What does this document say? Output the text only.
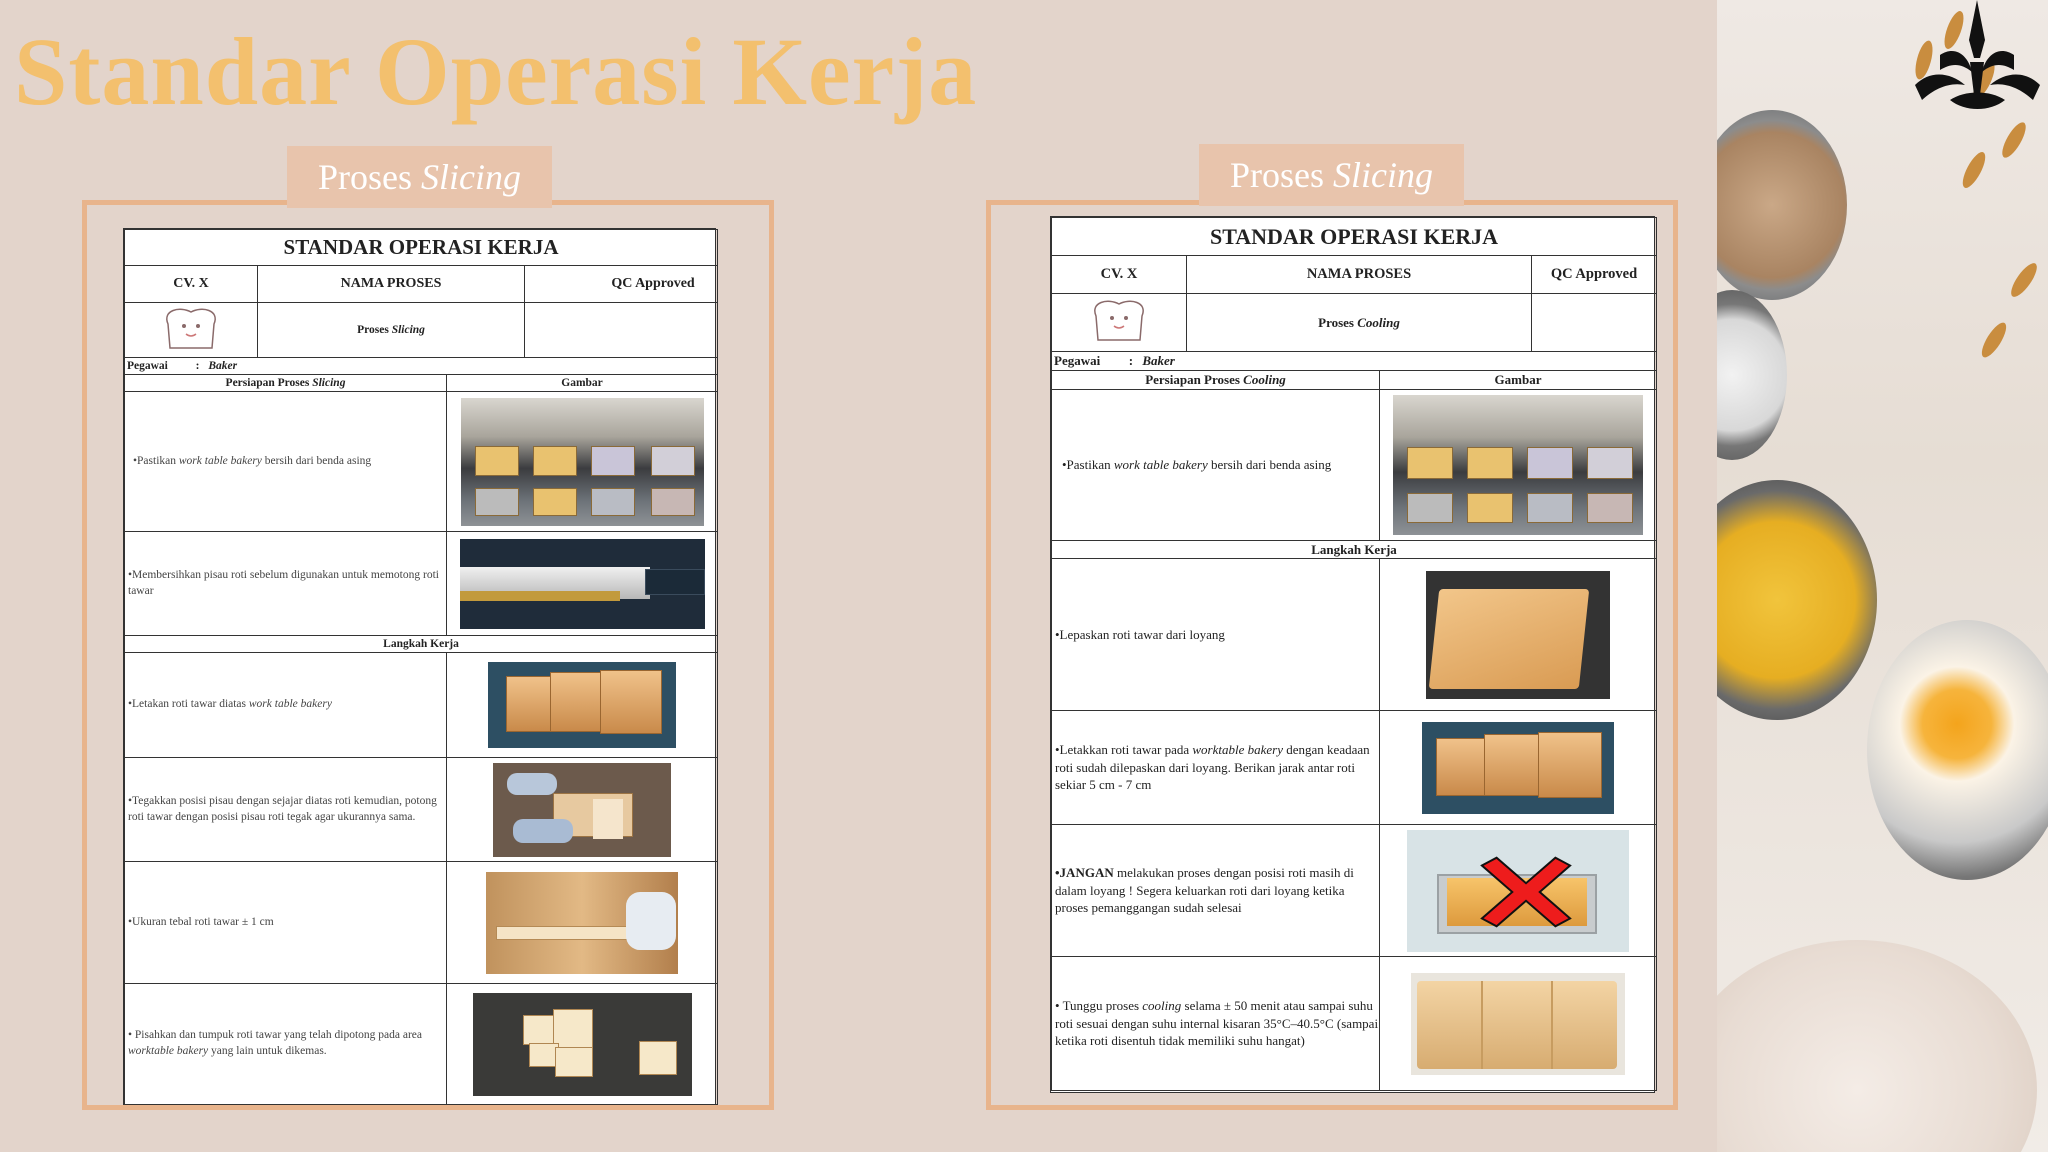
Standar Operasi Kerja
Proses Slicing
STANDAR OPERASI KERJA			
CV. X	NAMA PROSES		QC Approved

	Proses Slicing		
Pegawai : Baker			
Persiapan Proses Slicing		Gambar	
•Pastikan work table bakery bersih dari benda asing			

•Membersihkan pisau roti sebelum digunakan untuk memotong roti tawar			

Langkah Kerja			
•Letakan roti tawar diatas work table bakery			

•Tegakkan posisi pisau dengan sejajar diatas roti kemudian, potong roti tawar dengan posisi pisau roti tegak agar ukurannya sama.			

•Ukuran tebal roti tawar ± 1 cm			

• Pisahkan dan tumpuk roti tawar yang telah dipotong pada area worktable bakery yang lain untuk dikemas.			
Proses Slicing
STANDAR OPERASI KERJA			
CV. X	NAMA PROSES		QC Approved

	Proses Cooling		
Pegawai : Baker			
Persiapan Proses Cooling		Gambar	
•Pastikan work table bakery bersih dari benda asing			

Langkah Kerja			
•Lepaskan roti tawar dari loyang			

•Letakkan roti tawar pada worktable bakery dengan keadaan roti sudah dilepaskan dari loyang. Berikan jarak antar roti sekiar 5 cm - 7 cm			

•JANGAN melakukan proses dengan posisi roti masih di dalam loyang ! Segera keluarkan roti dari loyang ketika proses pemanggangan sudah selesai	

• Tunggu proses cooling selama ± 50 menit atau sampai suhu roti sesuai dengan suhu internal kisaran 35°C–40.5°C (sampai ketika roti disentuh tidak memiliki suhu hangat)			
